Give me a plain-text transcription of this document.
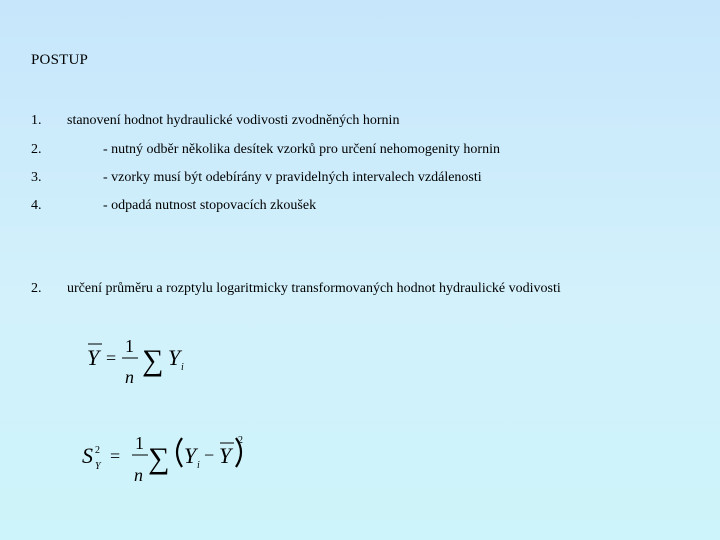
POSTUP
1. stanovení hodnot hydraulické vodivosti zvodněných hornin
2.	- nutný odběr několika desítek vzorků pro určení nehomogenity hornin
3.	- vzorky musí být odebírány v pravidelných intervalech vzdálenosti
4.	- odpadá nutnost stopovacích zkoušek
2. určení průměru a rozptylu logaritmicky transformovaných hodnot hydraulické vodivosti
Y =
1
n ∑ Y i
S 2
Y
=
1
n ∑ Y i
− Y
2
